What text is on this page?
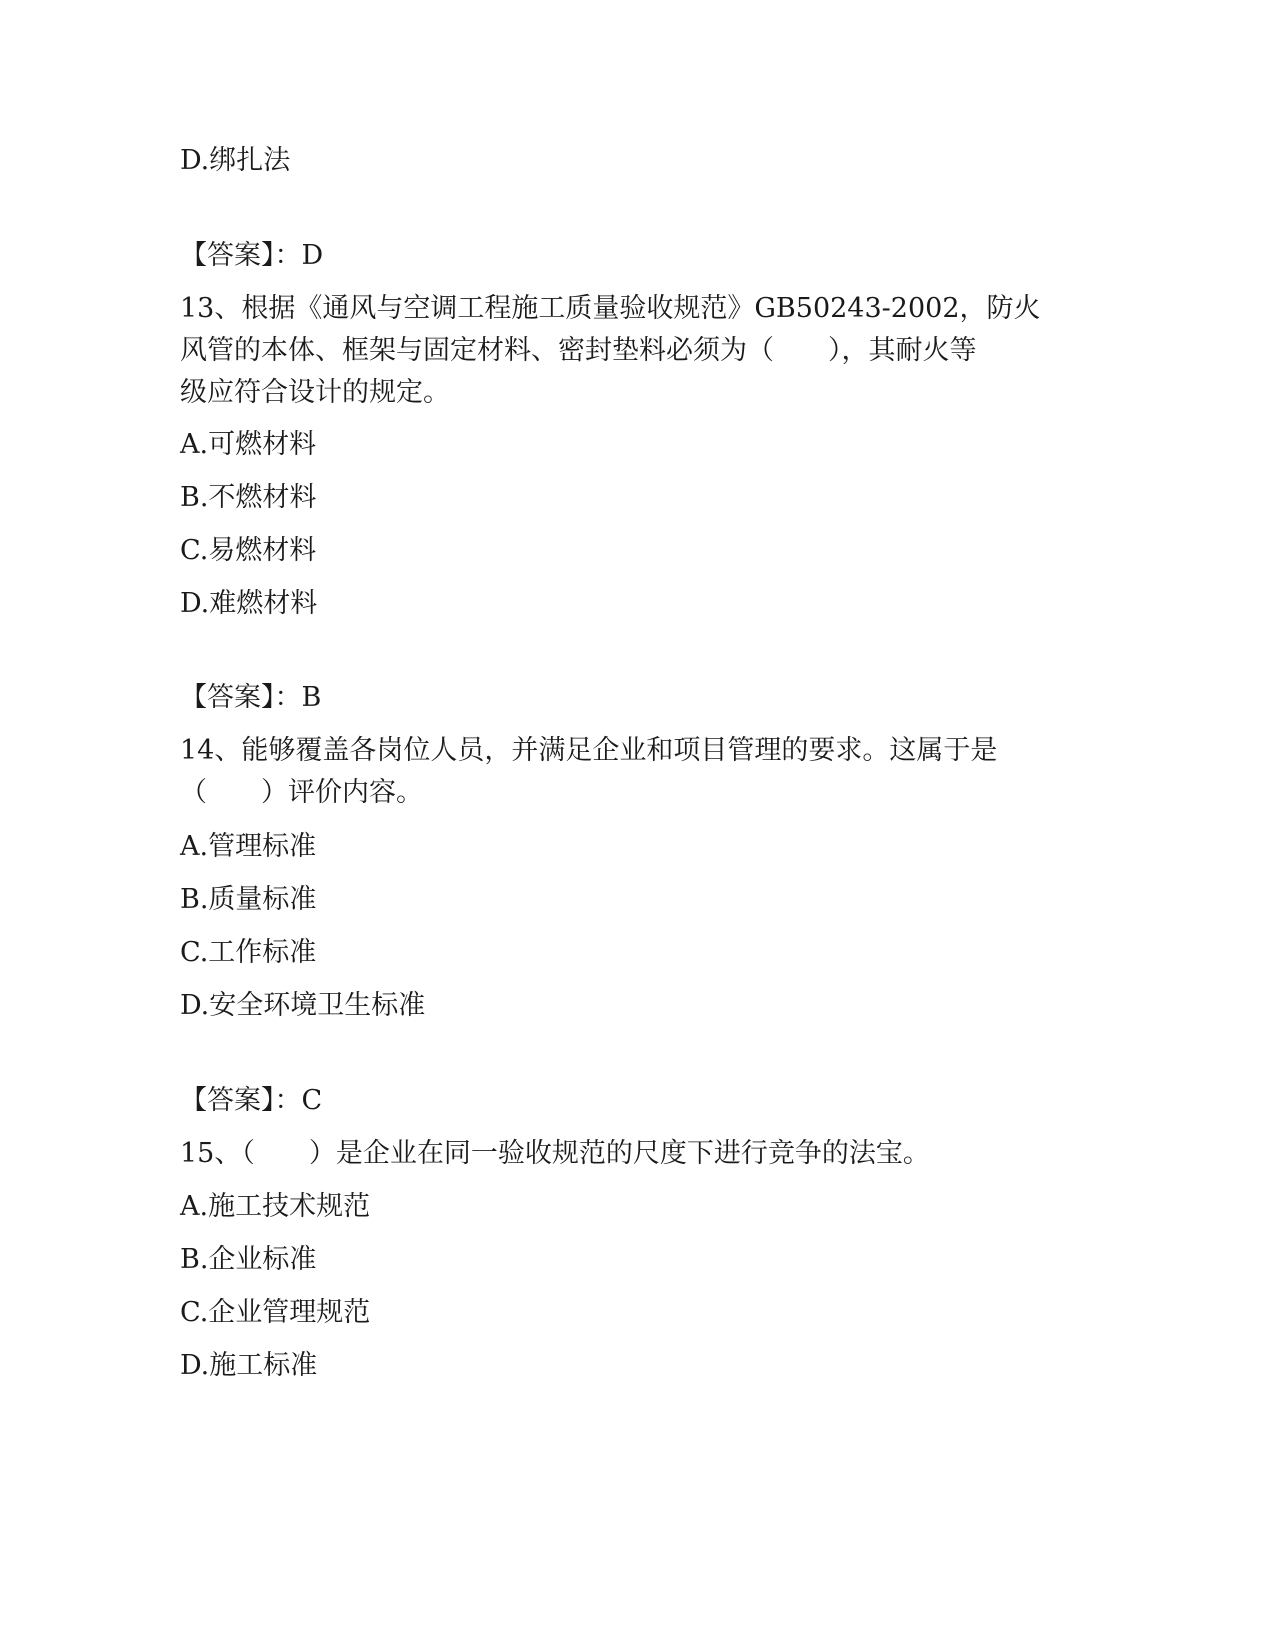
D.绑扎法
【答案】：D
13、根据《通风与空调工程施工质量验收规范》GB50243-2002，防火
风管的本体、框架与固定材料、密封垫料必须为（　　），其耐火等
级应符合设计的规定。
A.可燃材料
B.不燃材料
C.易燃材料
D.难燃材料
【答案】：B
14、能够覆盖各岗位人员，并满足企业和项目管理的要求。这属于是
（　　）评价内容。
A.管理标准
B.质量标准
C.工作标准
D.安全环境卫生标准
【答案】：C
15、（　　）是企业在同一验收规范的尺度下进行竞争的法宝。
A.施工技术规范
B.企业标准
C.企业管理规范
D.施工标准
